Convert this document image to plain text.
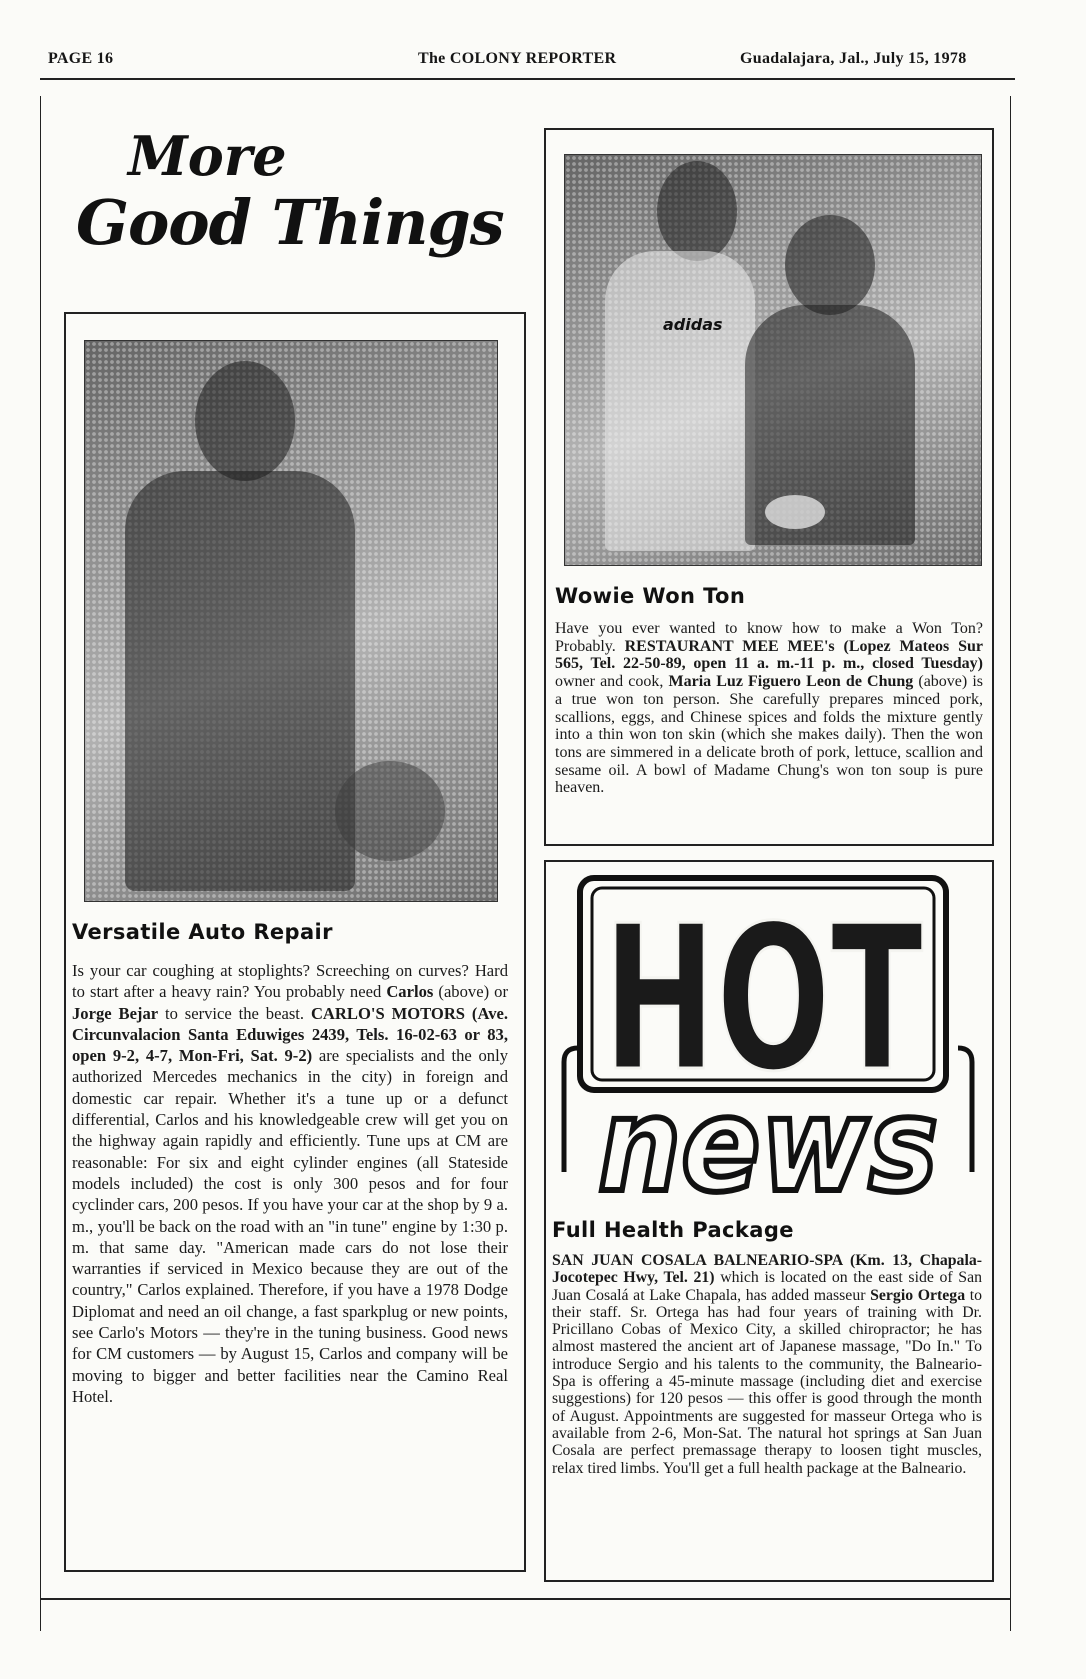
PAGE 16	The COLONY REPORTER	Guadalajara, Jal., July 15, 1978
More
Good Things
Versatile Auto Repair
Is your car coughing at stoplights? Screeching on curves? Hard to start after a heavy rain? You probably need Carlos (above) or Jorge Bejar to service the beast. CARLO'S MOTORS (Ave. Circunvalacion Santa Eduwiges 2439, Tels. 16-02-63 or 83, open 9-2, 4-7, Mon-Fri, Sat. 9-2) are specialists and the only authorized Mercedes mechanics in the city) in foreign and domestic car repair. Whether it's a tune up or a defunct differential, Carlos and his knowledgeable crew will get you on the highway again rapidly and efficiently. Tune ups at CM are reasonable: For six and eight cylinder engines (all Stateside models included) the cost is only 300 pesos and for four cyclinder cars, 200 pesos. If you have your car at the shop by 9 a. m., you'll be back on the road with an "in tune" engine by 1:30 p. m. that same day. "American made cars do not lose their warranties if serviced in Mexico because they are out of the country," Carlos explained. Therefore, if you have a 1978 Dodge Diplomat and need an oil change, a fast sparkplug or new points, see Carlo's Motors — they're in the tuning business. Good news for CM customers — by August 15, Carlos and company will be moving to bigger and better facilities near the Camino Real Hotel.
adidas
Wowie Won Ton
Have you ever wanted to know how to make a Won Ton? Probably. RESTAURANT MEE MEE's (Lopez Mateos Sur 565, Tel. 22-50-89, open 11 a. m.-11 p. m., closed Tuesday) owner and cook, Maria Luz Figuero Leon de Chung (above) is a true won ton person. She carefully prepares minced pork, scallions, eggs, and Chinese spices and folds the mixture gently into a thin won ton skin (which she makes daily). Then the won tons are simmered in a delicate broth of pork, lettuce, scallion and sesame oil. A bowl of Madame Chung's won ton soup is pure heaven.
HOT
news
Full Health Package
SAN JUAN COSALA BALNEARIO-SPA (Km. 13, Chapala-Jocotepec Hwy, Tel. 21) which is located on the east side of San Juan Cosalá at Lake Chapala, has added masseur Sergio Ortega to their staff. Sr. Ortega has had four years of training with Dr. Pricillano Cobas of Mexico City, a skilled chiropractor; he has almost mastered the ancient art of Japanese massage, "Do In." To introduce Sergio and his talents to the community, the Balneario-Spa is offering a 45-minute massage (including diet and exercise suggestions) for 120 pesos — this offer is good through the month of August. Appointments are suggested for masseur Ortega who is available from 2-6, Mon-Sat. The natural hot springs at San Juan Cosala are perfect premassage therapy to loosen tight muscles, relax tired limbs. You'll get a full health package at the Balneario.
